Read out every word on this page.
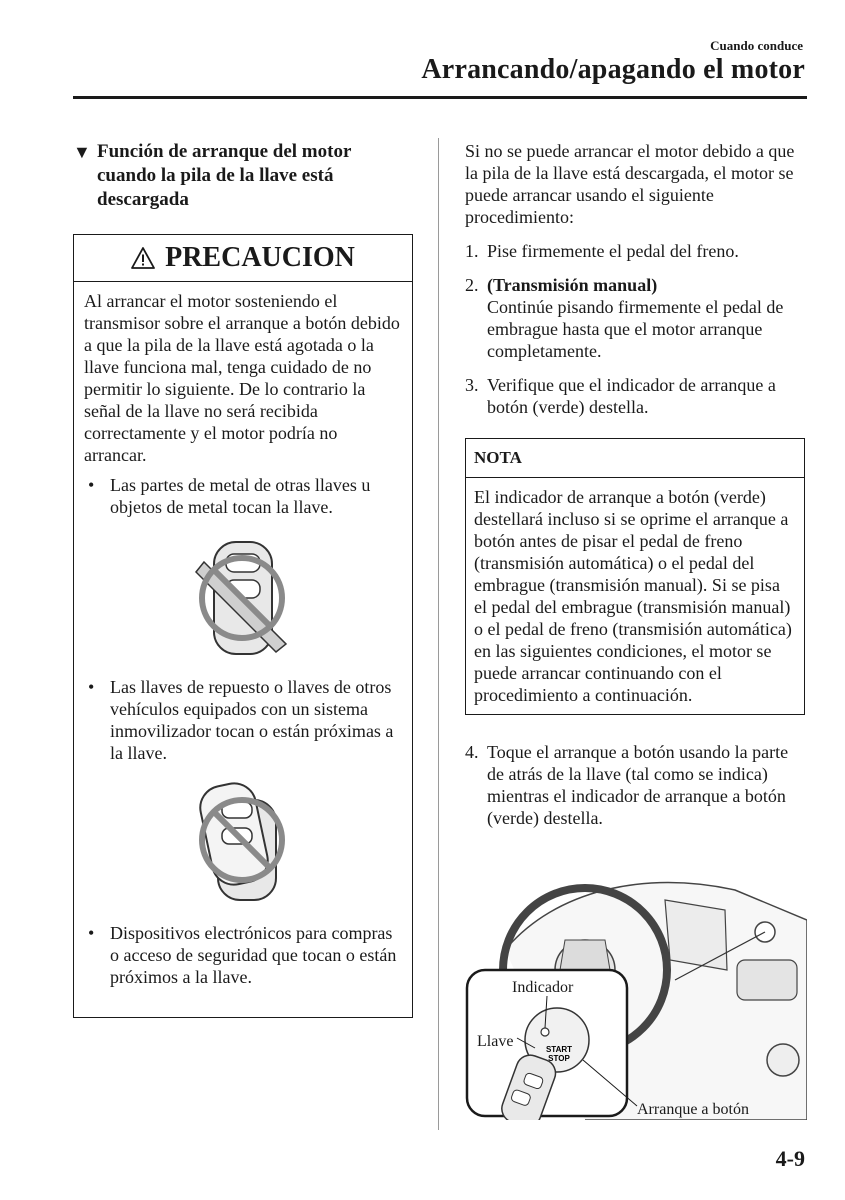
Cuando conduce
Arrancando/apagando el motor
▼ Función de arranque del motor
cuando la pila de la llave está
descargada
PRECAUCION

Al arrancar el motor sosteniendo el transmisor sobre el arranque a botón debido a que la pila de la llave está agotada o la llave funciona mal, tenga cuidado de no permitir lo siguiente. De lo contrario la señal de la llave no será recibida correctamente y el motor podría no arrancar.

• Las partes de metal de otras llaves u objetos de metal tocan la llave.
• Las llaves de repuesto o llaves de otros vehículos equipados con un sistema inmovilizador tocan o están próximas a la llave.
• Dispositivos electrónicos para compras o acceso de seguridad que tocan o están próximos a la llave.

Si no se puede arrancar el motor debido a que la pila de la llave está descargada, el motor se puede arrancar usando el siguiente procedimiento:

1. Pise firmemente el pedal del freno.
2. (Transmisión manual)
Continúe pisando firmemente el pedal de embrague hasta que el motor arranque completamente.
3. Verifique que el indicador de arranque a botón (verde) destella.
NOTA
El indicador de arranque a botón (verde) destellará incluso si se oprime el arranque a botón antes de pisar el pedal de freno (transmisión automática) o el pedal del embrague (transmisión manual). Si se pisa el pedal del embrague (transmisión manual) o el pedal de freno (transmisión automática) en las siguientes condiciones, el motor se puede arrancar continuando con el procedimiento a continuación.
4. Toque el arranque a botón usando la parte de atrás de la llave (tal como se indica) mientras el indicador de arranque a botón (verde) destella.
START
STOP
Indicador
Llave
Arranque a botón
4-9
